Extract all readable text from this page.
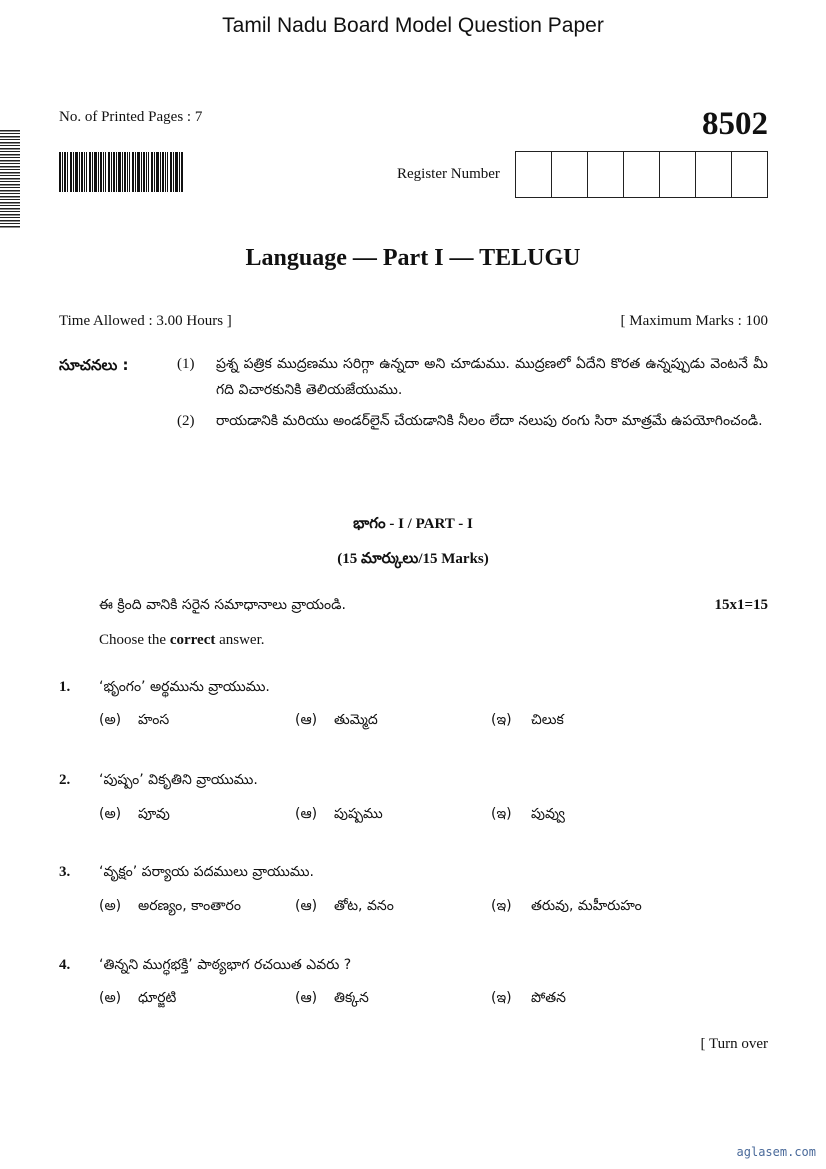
Tamil Nadu Board Model Question Paper
No. of Printed Pages : 7	8502
Register Number
Language — Part I — TELUGU
Time Allowed : 3.00 Hours ]	[ Maximum Marks : 100
సూచనలు :	(1) ప్రశ్న పత్రిక ముద్రణము సరిగ్గా ఉన్నదా అని చూడుము. ముద్రణలో ఏదేని కొరత ఉన్నప్పుడు వెంటనే మీ గది విచారకునికి తెలియజేయుము.
(2) రాయడానికి మరియు అండర్‌లైన్ చేయడానికి నీలం లేదా నలుపు రంగు సిరా మాత్రమే ఉపయోగించండి.
భాగం - I / PART - I
(15 మార్కులు/15 Marks)
ఈ క్రింది వానికి సరైన సమాధానాలు వ్రాయండి.	15x1=15
Choose the correct answer.
1. ‘భృంగం’ అర్థమును వ్రాయుము.
(అ) హంస	(ఆ) తుమ్మెద	(ఇ) చిలుక
2. ‘పుష్పం’ వికృతిని వ్రాయుము.
(అ) పూవు	(ఆ) పుష్పము	(ఇ) పువ్వు
3. ‘వృక్షం’ పర్యాయ పదములు వ్రాయుము.
(అ) అరణ్యం, కాంతారం	(ఆ) తోట, వనం	(ఇ) తరువు, మహీరుహం
4. ‘తిన్నని ముగ్ధభక్తి’ పాఠ్యభాగ రచయిత ఎవరు ?
(అ) ధూర్జటి	(ఆ) తిక్కన	(ఇ) పోతన
[ Turn over
aglasem.com
